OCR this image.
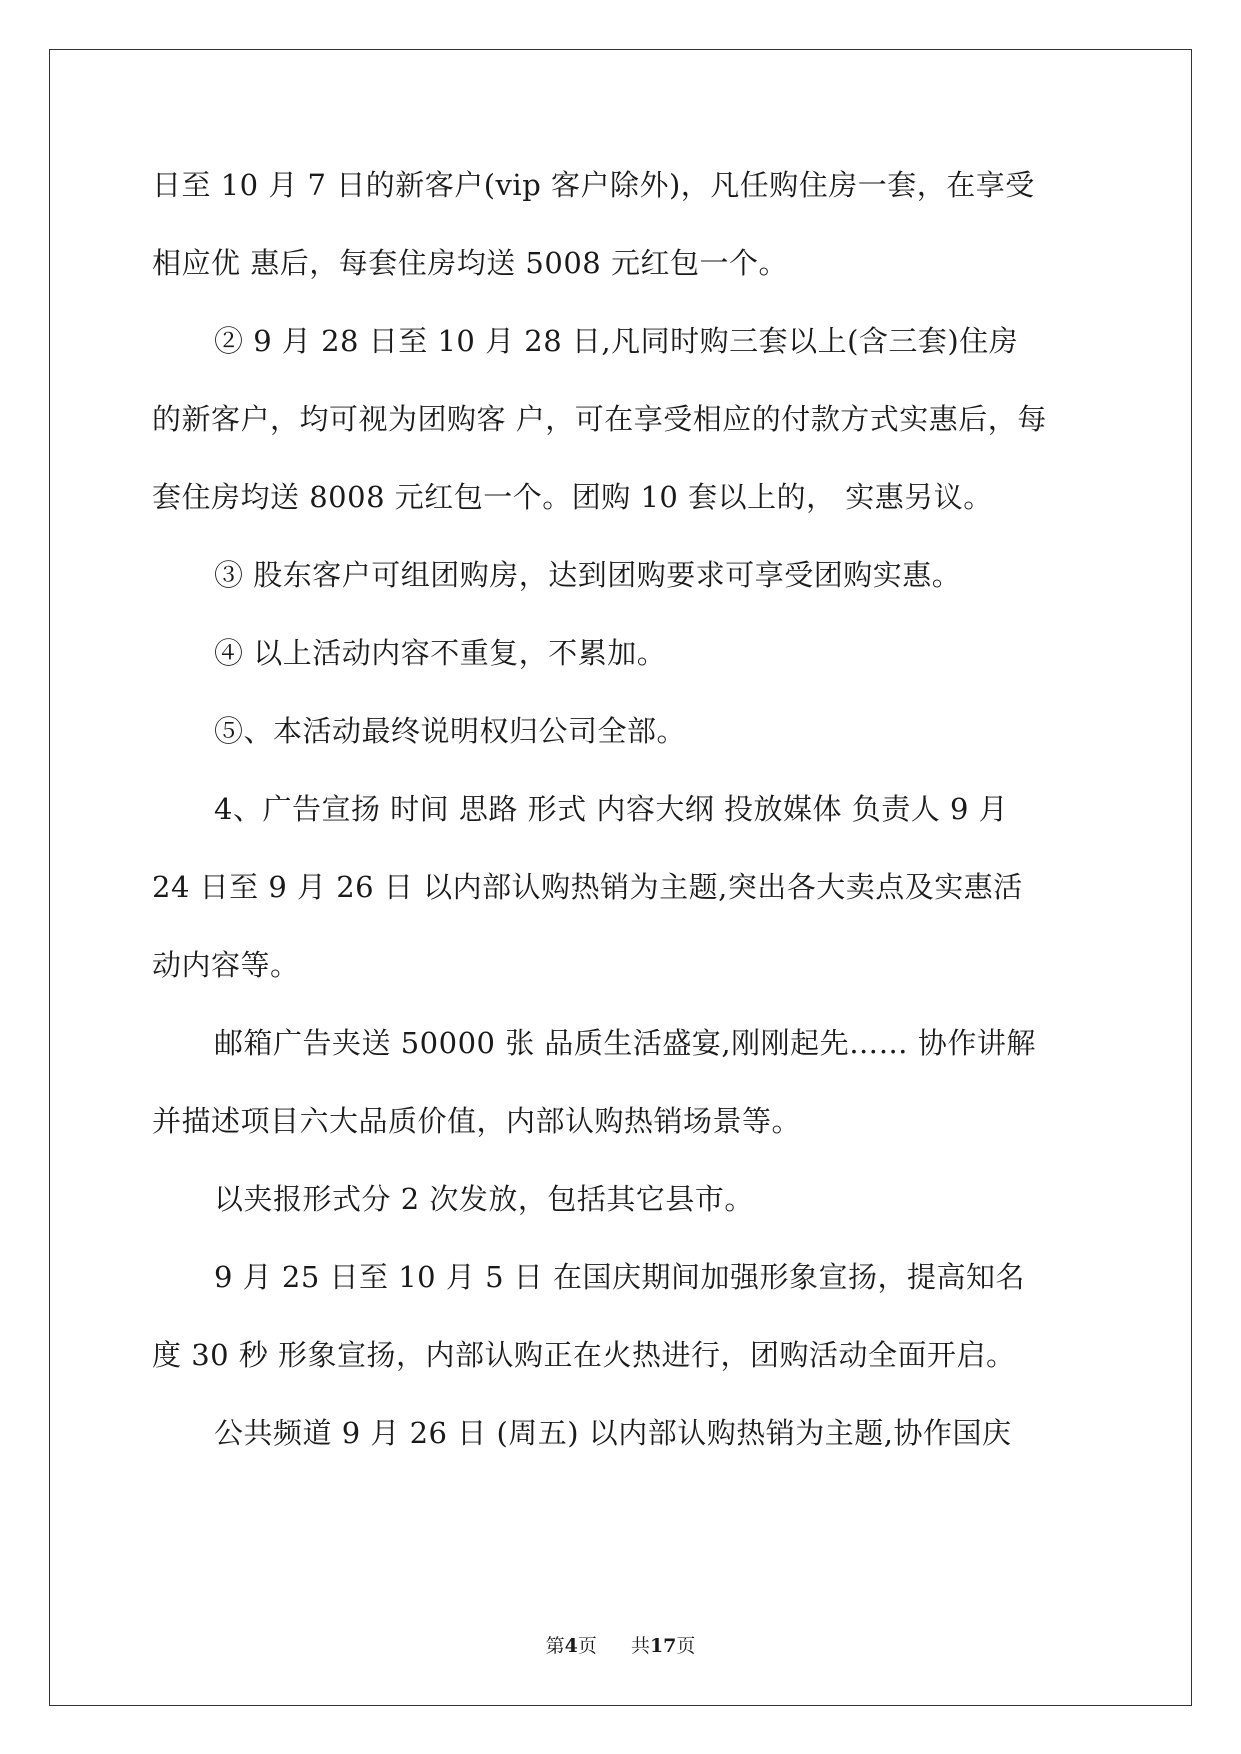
日至 10 月 7 日的新客户(vip 客户除外)，凡任购住房一套，在享受
相应优 惠后，每套住房均送 5008 元红包一个。
② 9 月 28 日至 10 月 28 日,凡同时购三套以上(含三套)住房
的新客户，均可视为团购客 户，可在享受相应的付款方式实惠后，每
套住房均送 8008 元红包一个。团购 10 套以上的， 实惠另议。
③ 股东客户可组团购房，达到团购要求可享受团购实惠。
④ 以上活动内容不重复，不累加。
⑤、本活动最终说明权归公司全部。
4、广告宣扬 时间 思路 形式 内容大纲 投放媒体 负责人 9 月
24 日至 9 月 26 日 以内部认购热销为主题,突出各大卖点及实惠活
动内容等。
邮箱广告夹送 50000 张 品质生活盛宴,刚刚起先…… 协作讲解
并描述项目六大品质价值，内部认购热销场景等。
以夹报形式分 2 次发放，包括其它县市。
9 月 25 日至 10 月 5 日 在国庆期间加强形象宣扬，提高知名
度 30 秒 形象宣扬，内部认购正在火热进行，团购活动全面开启。
公共频道 9 月 26 日 (周五) 以内部认购热销为主题,协作国庆
第4页 共17页
